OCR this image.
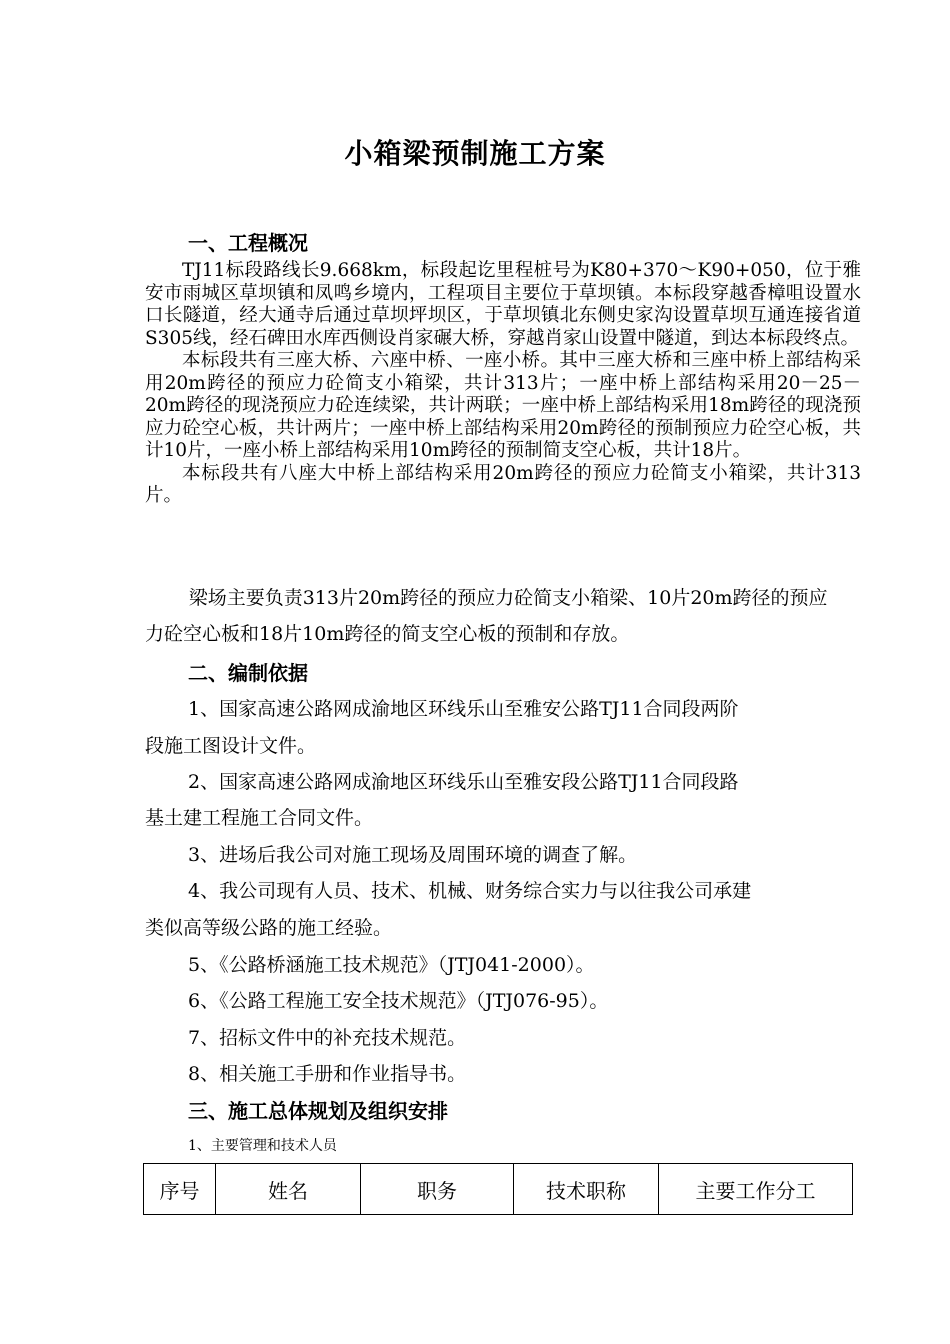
小箱梁预制施工方案
一、工程概况

TJ11标段路线长9.668km，标段起讫里程桩号为K80+370～K90+050，位于雅安市雨城区草坝镇和凤鸣乡境内，工程项目主要位于草坝镇。本标段穿越香樟咀设置水口长隧道，经大通寺后通过草坝坪坝区，于草坝镇北东侧史家沟设置草坝互通连接省道S305线，经石碑田水库西侧设肖家碾大桥，穿越肖家山设置中隧道，到达本标段终点。

本标段共有三座大桥、六座中桥、一座小桥。其中三座大桥和三座中桥上部结构采用20m跨径的预应力砼简支小箱梁，共计313片；一座中桥上部结构采用20－25－20m跨径的现浇预应力砼连续梁，共计两联；一座中桥上部结构采用18m跨径的现浇预应力砼空心板，共计两片；一座中桥上部结构采用20m跨径的预制预应力砼空心板，共计10片，一座小桥上部结构采用10m跨径的预制简支空心板，共计18片。

本标段共有八座大中桥上部结构采用20m跨径的预应力砼简支小箱梁，共计313片。

梁场主要负责313片20m跨径的预应力砼简支小箱梁、10片20m跨径的预应力砼空心板和18片10m跨径的简支空心板的预制和存放。

二、编制依据
1、国家高速公路网成渝地区环线乐山至雅安公路TJ11合同段两阶
段施工图设计文件。
2、国家高速公路网成渝地区环线乐山至雅安段公路TJ11合同段路
基土建工程施工合同文件。
3、进场后我公司对施工现场及周围环境的调查了解。
4、我公司现有人员、技术、机械、财务综合实力与以往我公司承建
类似高等级公路的施工经验。
5、《公路桥涵施工技术规范》（JTJ041-2000）。
6、《公路工程施工安全技术规范》（JTJ076-95）。
7、招标文件中的补充技术规范。
8、相关施工手册和作业指导书。
三、施工总体规划及组织安排
1、主要管理和技术人员
序号	姓名	职务	技术职称	主要工作分工
